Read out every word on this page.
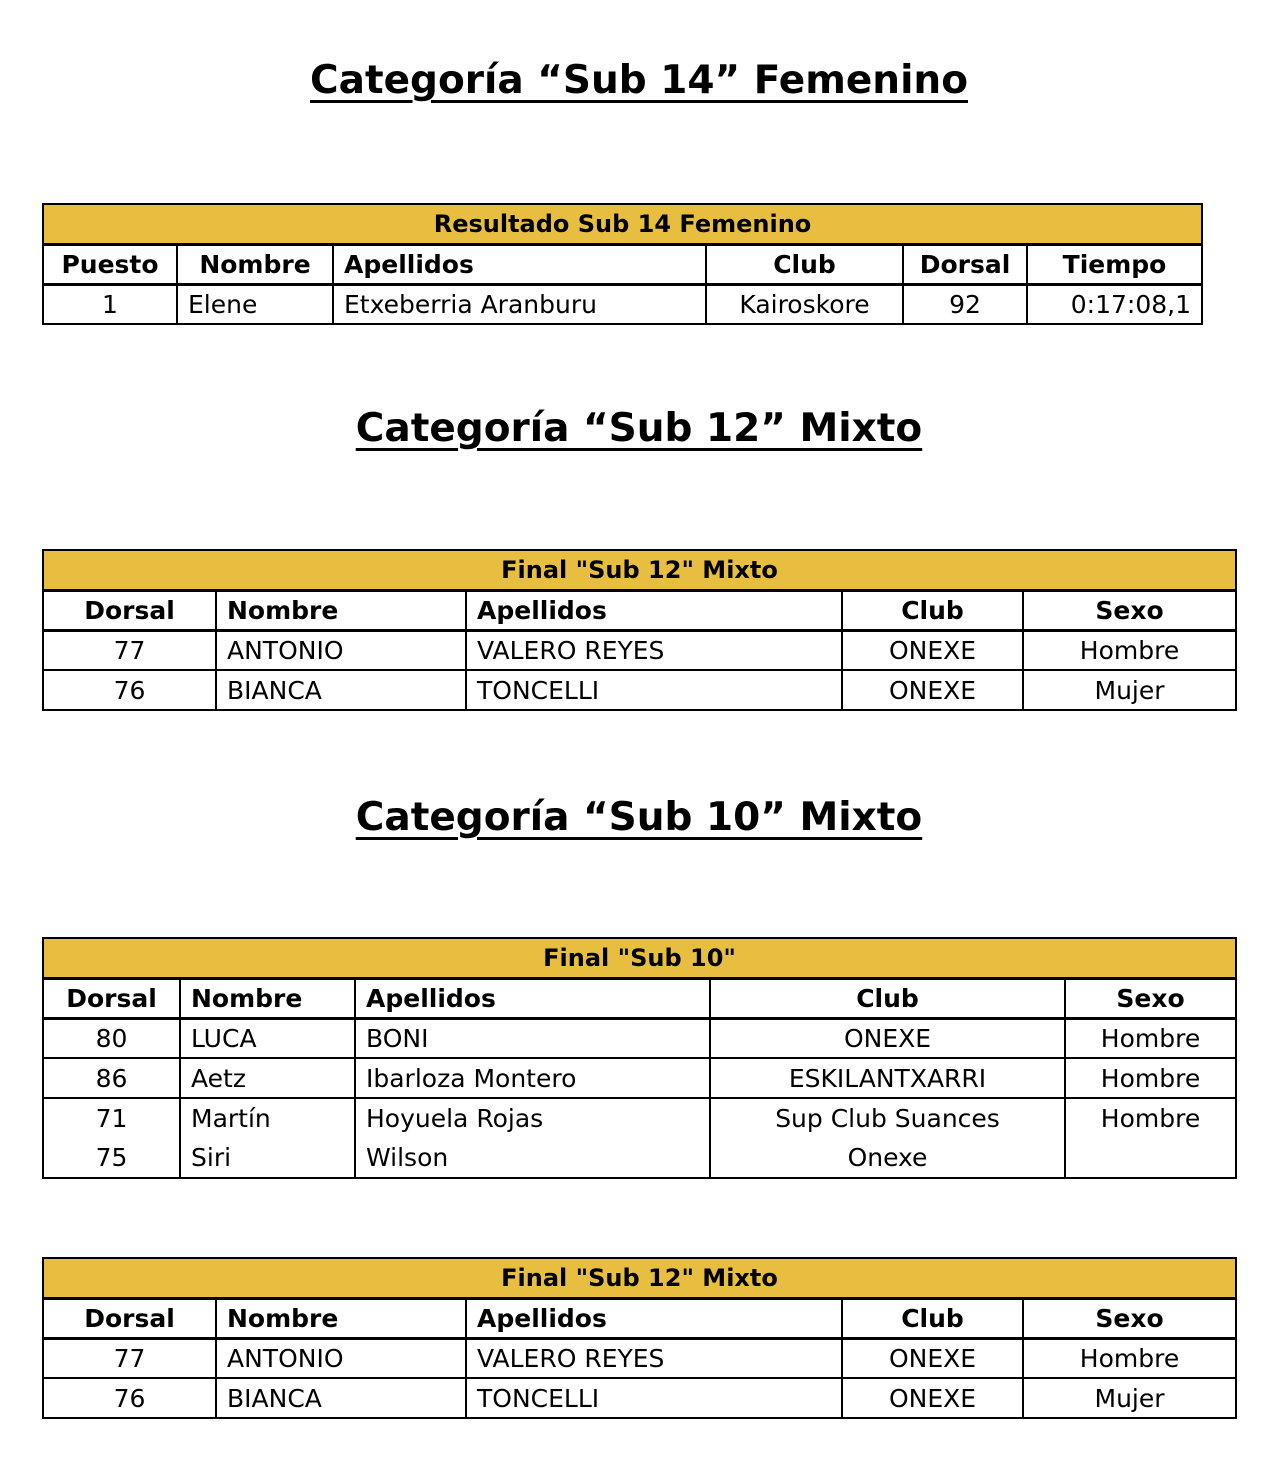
Categoría “Sub 14” Femenino
Resultado Sub 14 Femenino					
Puesto	Nombre	Apellidos	Club	Dorsal	Tiempo
1	Elene	Etxeberria Aranburu	Kairoskore	92	0:17:08,1
Categoría “Sub 12” Mixto
Final "Sub 12" Mixto				
Dorsal	Nombre	Apellidos	Club	Sexo
77	ANTONIO	VALERO REYES	ONEXE	Hombre
76	BIANCA	TONCELLI	ONEXE	Mujer
Categoría “Sub 10” Mixto
Final "Sub 10"				
Dorsal	Nombre	Apellidos	Club	Sexo
80	LUCA	BONI	ONEXE	Hombre
86	Aetz	Ibarloza Montero	ESKILANTXARRI	Hombre
71	Martín	Hoyuela Rojas	Sup Club Suances	Hombre
75	Siri	Wilson	Onexe	
Final "Sub 12" Mixto				
Dorsal	Nombre	Apellidos	Club	Sexo
77	ANTONIO	VALERO REYES	ONEXE	Hombre
76	BIANCA	TONCELLI	ONEXE	Mujer
